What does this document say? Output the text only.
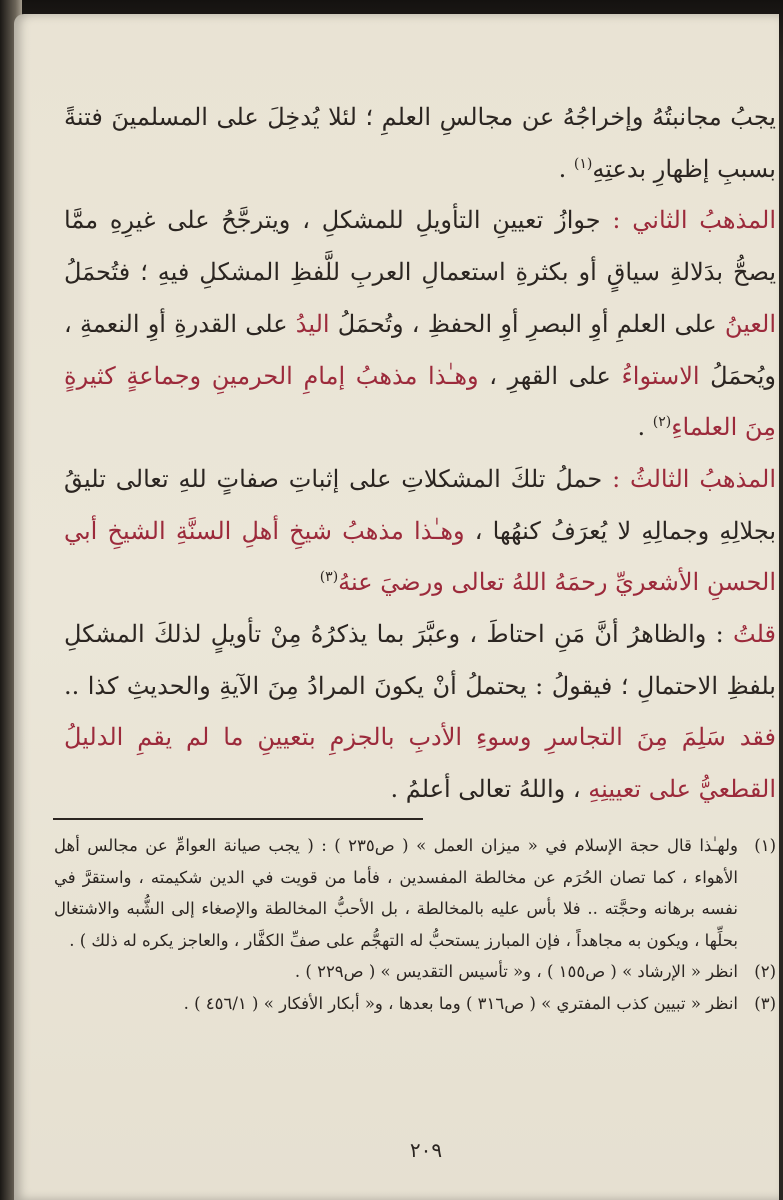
يجبُ مجانبتُهُ وإخراجُهُ عن مجالسِ العلمِ ؛ لئلا يُدخِلَ على المسلمينَ فتنةً بسببِ إظهارِ بدعتِهِ$^{(١)}$ .

المذهبُ الثاني : جوازُ تعيينِ التأويلِ للمشكلِ ، ويترجَّحُ على غيرِهِ ممَّا يصحُّ بدَلالةِ سياقٍ أو بكثرةِ استعمالِ العربِ للَّفظِ المشكلِ فيهِ ؛ فتُحمَلُ العينُ على العلمِ أوِ البصرِ أوِ الحفظِ ، وتُحمَلُ اليدُ على القدرةِ أوِ النعمةِ ، ويُحمَلُ الاستواءُ على القهرِ ، وهـٰذا مذهبُ إمامِ الحرمينِ وجماعةٍ كثيرةٍ مِنَ العلماءِ$^{(٢)}$ .

المذهبُ الثالثُ : حملُ تلكَ المشكلاتِ على إثباتِ صفاتٍ للهِ تعالى تليقُ بجلالِهِ وجمالِهِ لا يُعرَفُ كنهُها ، وهـٰذا مذهبُ شيخِ أهلِ السنَّةِ الشيخِ أبي الحسنِ الأشعريِّ رحمَهُ اللهُ تعالى ورضيَ عنهُ$^{(٣)}$

قلتُ : والظاهرُ أنَّ مَنِ احتاطَ ، وعبَّرَ بما يذكرُهُ مِنْ تأويلٍ لذلكَ المشكلِ بلفظِ الاحتمالِ ؛ فيقولُ : يحتملُ أنْ يكونَ المرادُ مِنَ الآيةِ والحديثِ كذا .. فقد سَلِمَ مِنَ التجاسرِ وسوءِ الأدبِ بالجزمِ بتعيينِ ما لم يقمِ الدليلُ القطعيُّ على تعيينِهِ ، واللهُ تعالى أعلمُ .

(١)
ولهـٰذا قال حجة الإسلام في « ميزان العمل » ( ص٢٣٥ ) : ( يجب صيانة العوامِّ عن مجالس أهل الأهواء ، كما تصان الحُرَم عن مخالطة المفسدين ، فأما من قويت في الدين شكيمته ، واستقرَّ في نفسه برهانه وحجَّته .. فلا بأس عليه بالمخالطة ، بل الأحبُّ المخالطة والإصغاء إلى الشُّبه والاشتغال بحلِّها ، ويكون به مجاهداً ، فإن المبارز يستحبُّ له التهجُّم على صفِّ الكفَّار ، والعاجز يكره له ذلك ) .
(٢)
انظر « الإرشاد » ( ص١٥٥ ) ، و« تأسيس التقديس » ( ص٢٢٩ ) .
(٣)
انظر « تبيين كذب المفتري » ( ص٣١٦ ) وما بعدها ، و« أبكار الأفكار » ( ٤٥٦/١ ) .
٢٠٩
